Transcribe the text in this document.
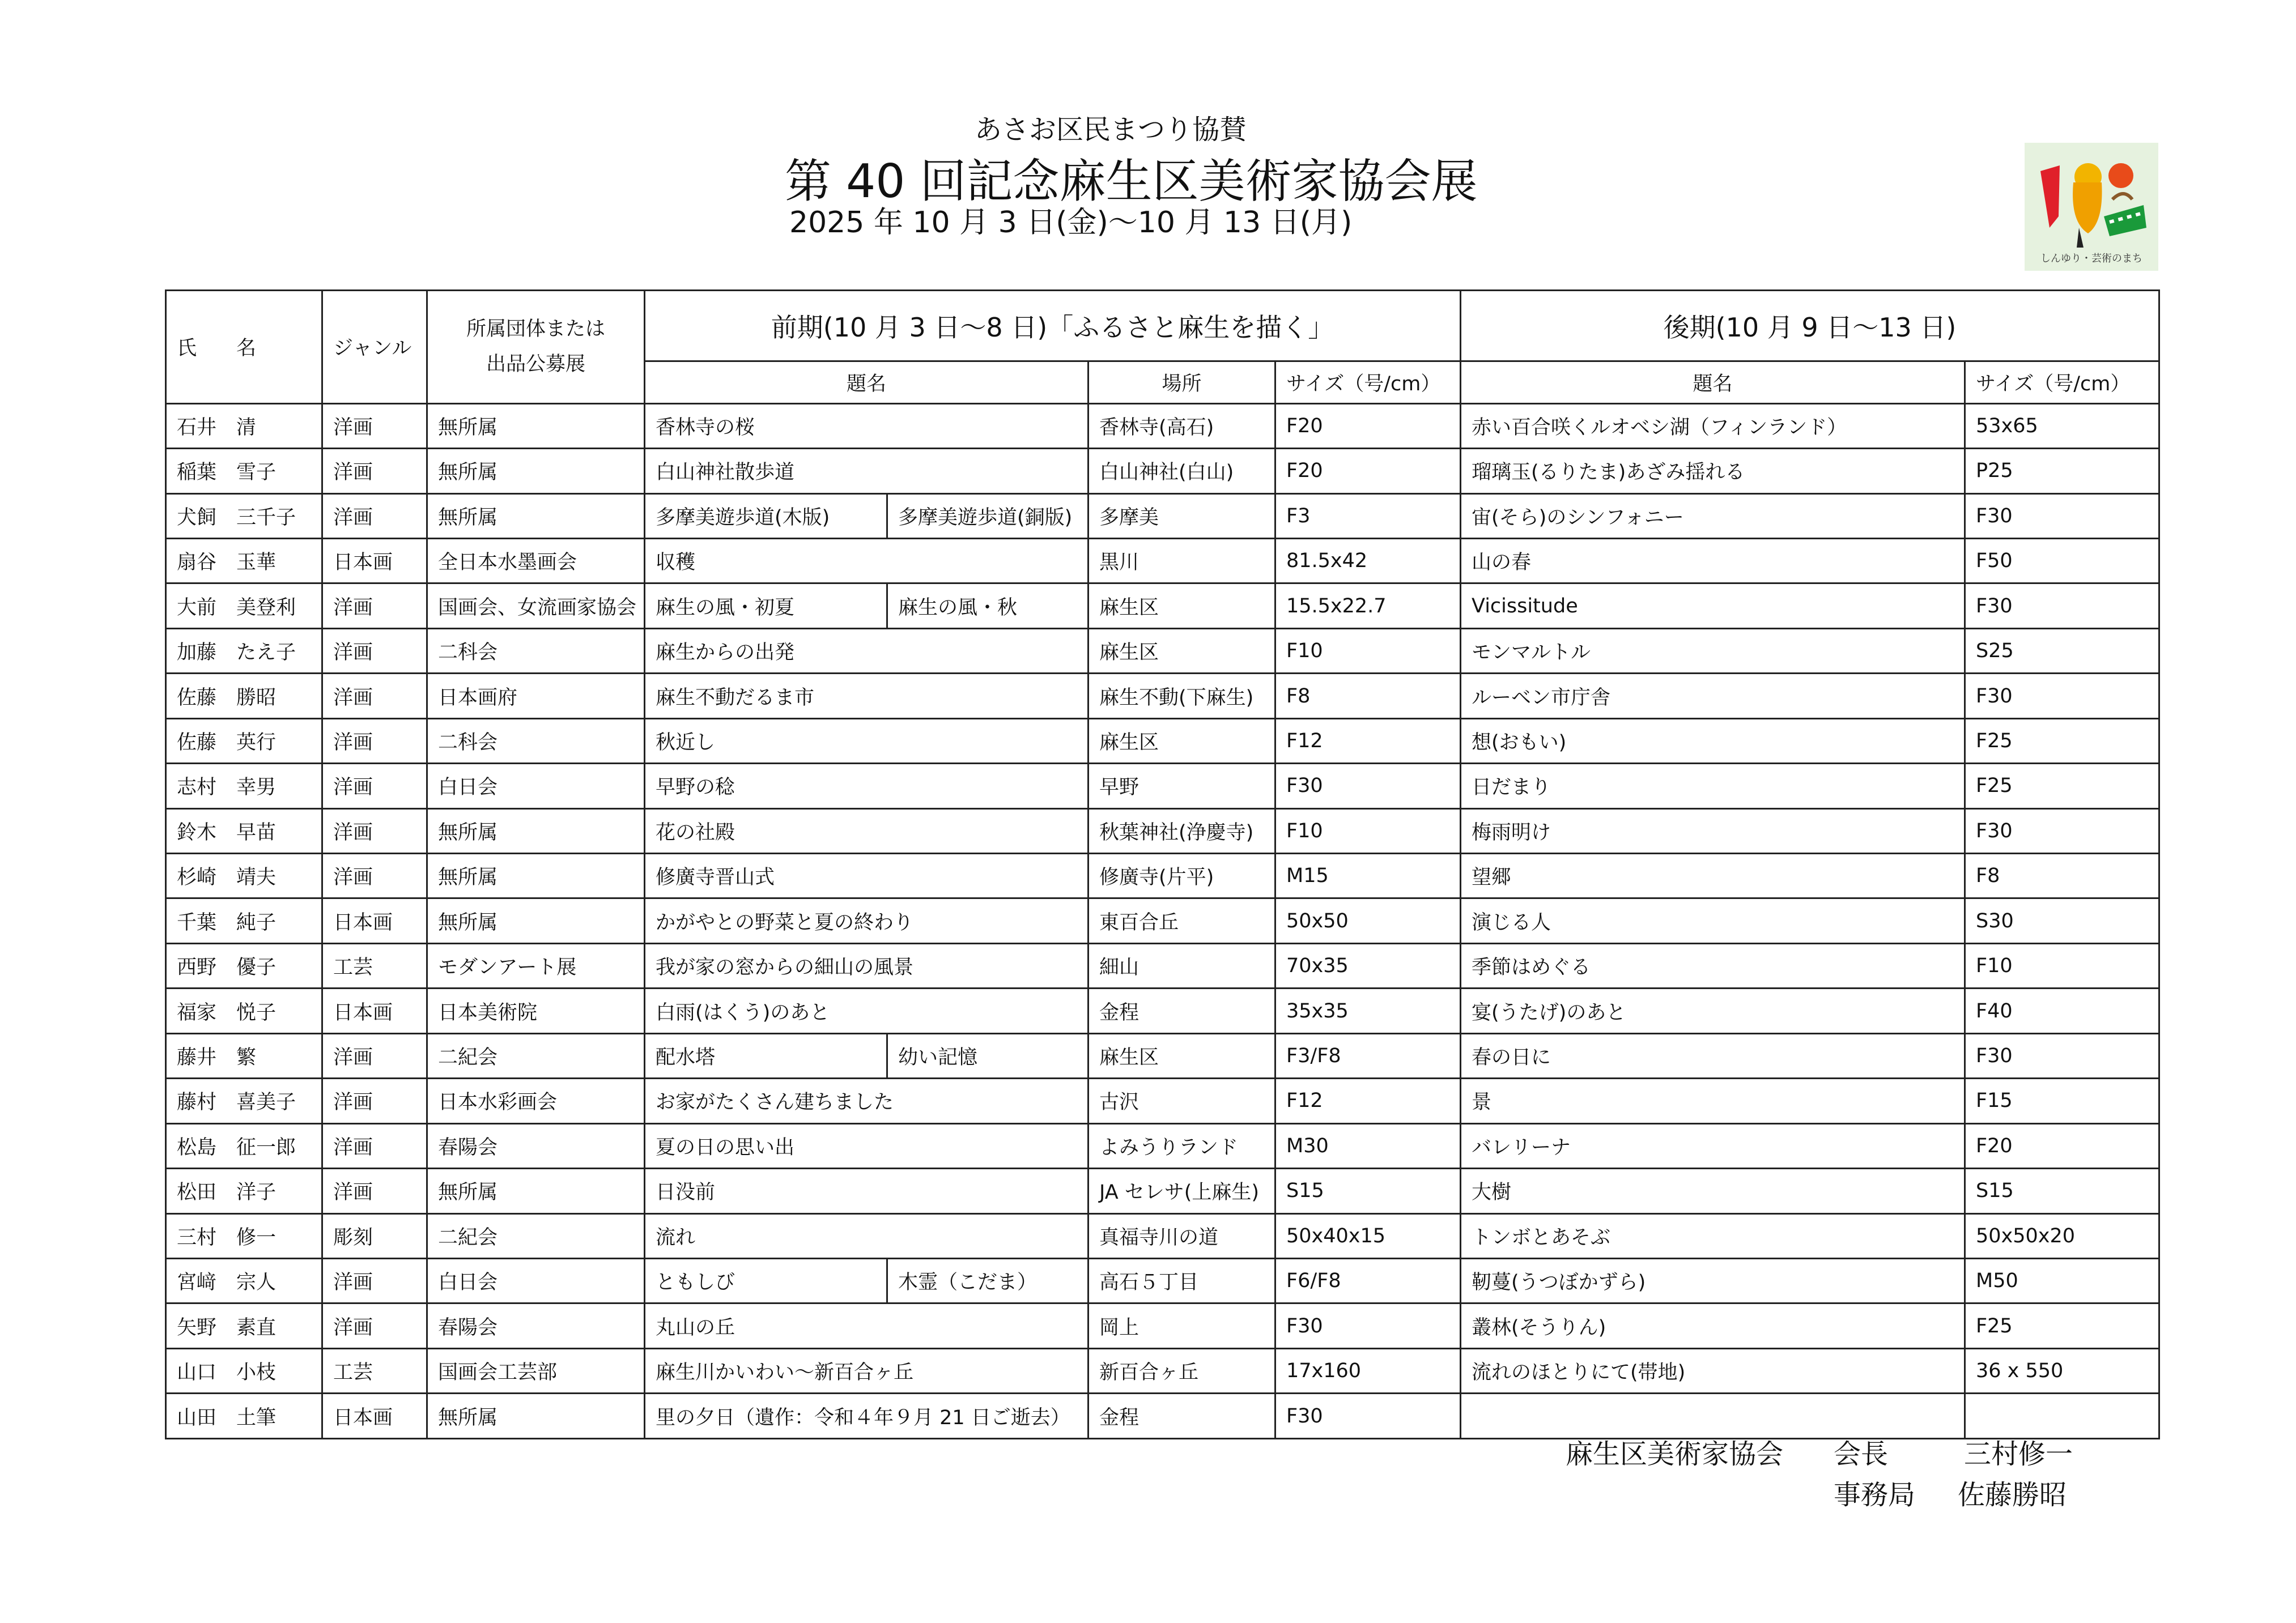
あさお区民まつり協賛
第 40 回記念麻生区美術家協会展
2025 年 10 月 3 日(金)～10 月 13 日(月)
しんゆり・芸術のまち
氏　　名	ジャンル	所属団体または
出品公募展	前期(10 月 3 日～8 日)「ふるさと麻生を描く」				後期(10 月 9 日～13 日)	
			題名		場所	サイズ（号/cm）	題名	サイズ（号/cm）
石井　清	洋画	無所属	香林寺の桜		香林寺(高石)	F20	赤い百合咲くルオベシ湖（フィンランド）	53x65
稲葉　雪子	洋画	無所属	白山神社散歩道		白山神社(白山)	F20	瑠璃玉(るりたま)あざみ揺れる	P25
犬飼　三千子	洋画	無所属	多摩美遊歩道(木版)	多摩美遊歩道(銅版)	多摩美	F3	宙(そら)のシンフォニー	F30
扇谷　玉華	日本画	全日本水墨画会	収穫		黒川	81.5x42	山の春	F50
大前　美登利	洋画	国画会、女流画家協会	麻生の風・初夏	麻生の風・秋	麻生区	15.5x22.7	Vicissitude	F30
加藤　たえ子	洋画	二科会	麻生からの出発		麻生区	F10	モンマルトル	S25
佐藤　勝昭	洋画	日本画府	麻生不動だるま市		麻生不動(下麻生)	F8	ルーベン市庁舎	F30
佐藤　英行	洋画	二科会	秋近し		麻生区	F12	想(おもい)	F25
志村　幸男	洋画	白日会	早野の稔		早野	F30	日だまり	F25
鈴木　早苗	洋画	無所属	花の社殿		秋葉神社(浄慶寺)	F10	梅雨明け	F30
杉崎　靖夫	洋画	無所属	修廣寺晋山式		修廣寺(片平)	M15	望郷	F8
千葉　純子	日本画	無所属	かがやとの野菜と夏の終わり		東百合丘	50x50	演じる人	S30
西野　優子	工芸	モダンアート展	我が家の窓からの細山の風景		細山	70x35	季節はめぐる	F10
福家　悦子	日本画	日本美術院	白雨(はくう)のあと		金程	35x35	宴(うたげ)のあと	F40
藤井　繁	洋画	二紀会	配水塔	幼い記憶	麻生区	F3/F8	春の日に	F30
藤村　喜美子	洋画	日本水彩画会	お家がたくさん建ちました		古沢	F12	景	F15
松島　征一郎	洋画	春陽会	夏の日の思い出		よみうりランド	M30	バレリーナ	F20
松田　洋子	洋画	無所属	日没前		JA セレサ(上麻生)	S15	大樹	S15
三村　修一	彫刻	二紀会	流れ		真福寺川の道	50x40x15	トンボとあそぶ	50x50x20
宮﨑　宗人	洋画	白日会	ともしび	木霊（こだま）	高石５丁目	F6/F8	靭蔓(うつぼかずら)	M50
矢野　素直	洋画	春陽会	丸山の丘		岡上	F30	叢林(そうりん)	F25
山口　小枝	工芸	国画会工芸部	麻生川かいわい～新百合ヶ丘		新百合ヶ丘	17x160	流れのほとりにて(帯地)	36 x 550
山田　土筆	日本画	無所属	里の夕日（遺作：令和４年９月 21 日ご逝去）		金程	F30		
麻生区美術家協会 会長	三村修一
事務局 佐藤勝昭
